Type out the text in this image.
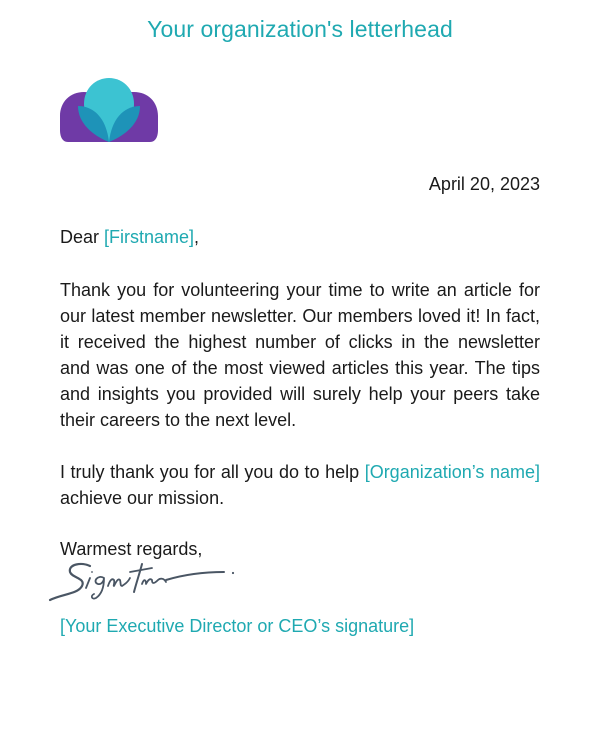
Your organization's letterhead
April 20, 2023
Dear [Firstname],
Thank you for volunteering your time to write an article for our latest member newsletter. Our members loved it! In fact, it received the highest number of clicks in the newsletter and was one of the most viewed articles this year. The tips and insights you provided will surely help your peers take their careers to the next level.
I truly thank you for all you do to help [Organization’s name] achieve our mission.
Warmest regards,
[Your Executive Director or CEO’s signature]
